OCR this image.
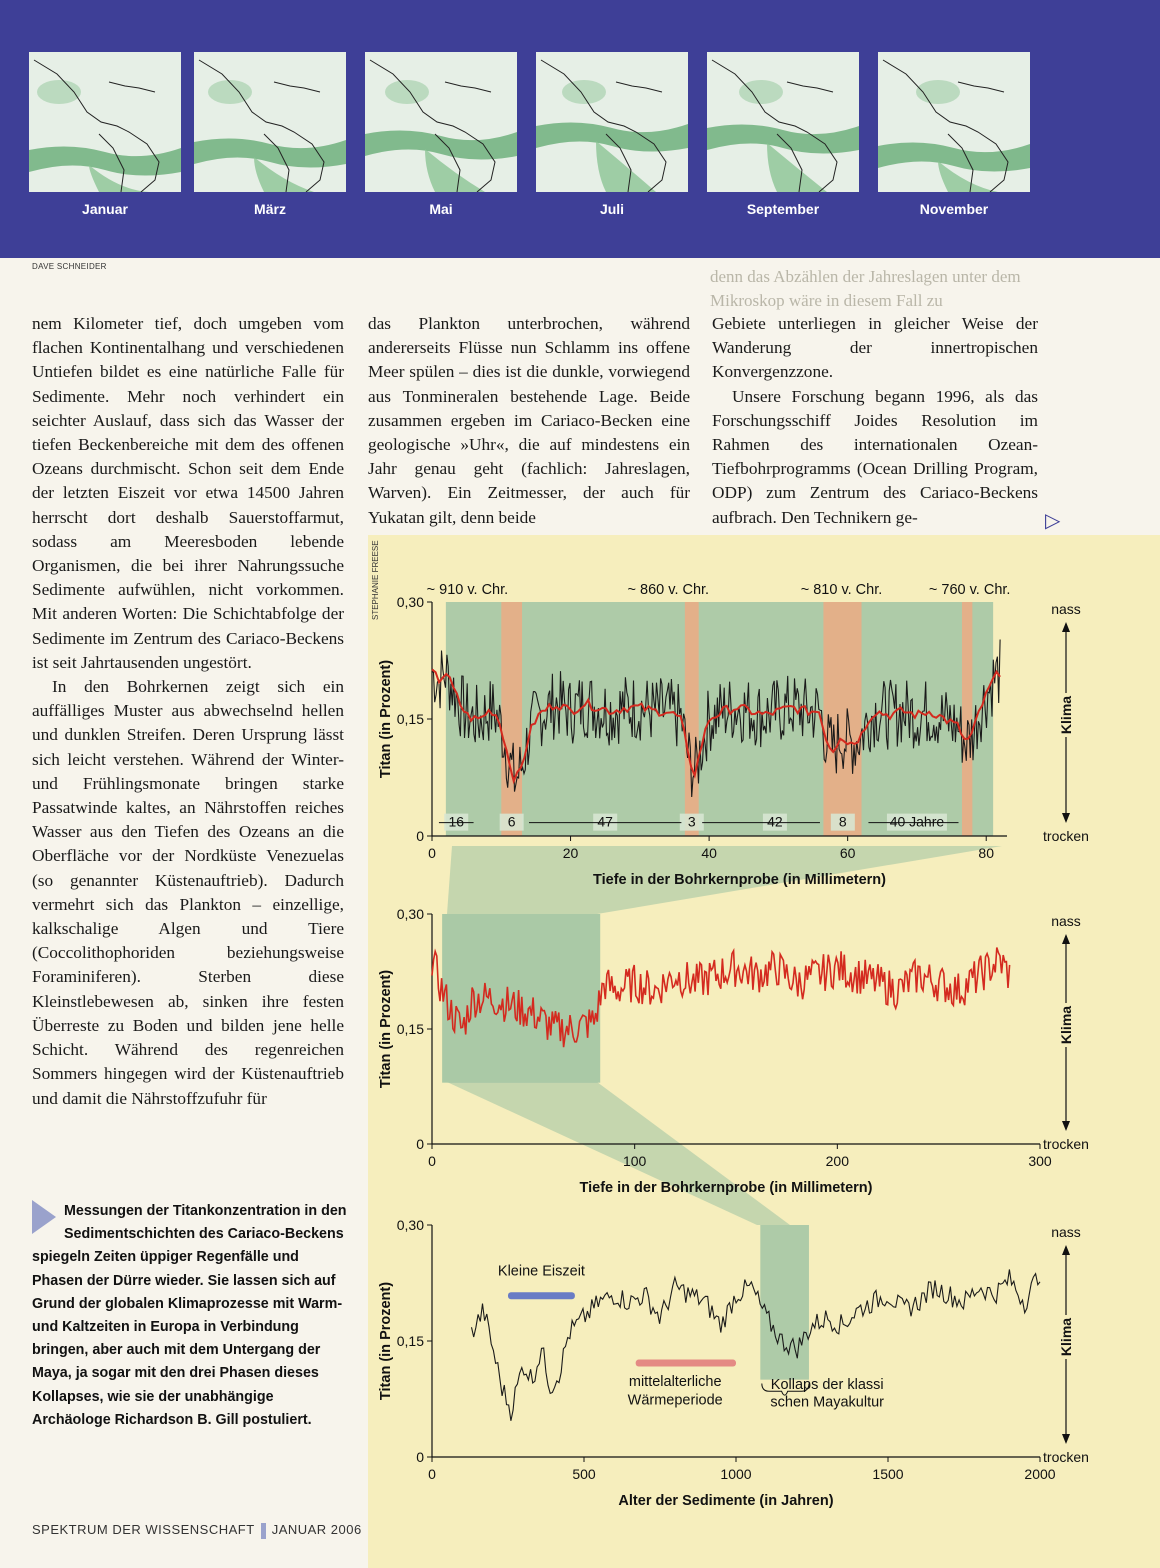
Januar	März	Mai	Juli	September	November
DAVE SCHNEIDER
denn das Abzählen der Jahreslagen unter dem Mikroskop wäre in diesem Fall zu

nem Kilometer tief, doch umgeben vom flachen Kontinentalhang und verschiedenen Untiefen bildet es eine natürliche Falle für Sedimente. Mehr noch verhindert ein seichter Auslauf, dass sich das Wasser der tiefen Beckenbereiche mit dem des offenen Ozeans durchmischt. Schon seit dem Ende der letzten Eiszeit vor etwa 14500 Jahren herrscht dort deshalb Sauerstoffarmut, sodass am Meeresboden lebende Organismen, die bei ihrer Nahrungssuche Sedimente aufwühlen, nicht vorkommen. Mit anderen Worten: Die Schichtabfolge der Sedimente im Zentrum des Cariaco-Beckens ist seit Jahrtausenden ungestört.

In den Bohrkernen zeigt sich ein auffälliges Muster aus abwechselnd hellen und dunklen Streifen. Deren Ursprung lässt sich leicht verstehen. Während der Winter- und Frühlingsmonate bringen starke Passatwinde kaltes, an Nährstoffen reiches Wasser aus den Tiefen des Ozeans an die Oberfläche vor der Nordküste Venezuelas (so genannter Küstenauftrieb). Dadurch vermehrt sich das Plankton – einzellige, kalkschalige Algen und Tiere (Coccolithophoriden beziehungsweise Foraminiferen). Sterben diese Kleinstlebewesen ab, sinken ihre festen Überreste zu Boden und bilden jene helle Schicht. Während des regenreichen Sommers hingegen wird der Küstenauftrieb und damit die Nährstoffzufuhr für

das Plankton unterbrochen, während andererseits Flüsse nun Schlamm ins offene Meer spülen – dies ist die dunkle, vorwiegend aus Tonmineralen bestehende Lage. Beide zusammen ergeben im Cariaco-Becken eine geologische »Uhr«, die auf mindestens ein Jahr genau geht (fachlich: Jahreslagen, Warven). Ein Zeitmesser, der auch für Yukatan gilt, denn beide

Gebiete unterliegen in gleicher Weise der Wanderung der innertropischen Konvergenzzone.

Unsere Forschung begann 1996, als das Forschungsschiff Joides Resolution im Rahmen des internationalen Ozean-Tiefbohrprogramms (Ocean Drilling Program, ODP) zum Zentrum des Cariaco-Beckens aufbrach. Den Technikern ge-	▷
0
0,15
0,30
0	20	40	60	80
Tiefe in der Bohrkernprobe (in Millimetern)
Titan (in Prozent)
nass
trocken
Klima
~ 910 v. Chr.	~ 860 v. Chr.	~ 810 v. Chr.	~ 760 v. Chr.
16	6	47	3	42	8	40 Jahre
0
0,15
0,30
0	100	200	300
Tiefe in der Bohrkernprobe (in Millimetern)
Titan (in Prozent)
nass
trocken
Klima
0
0,15
0,30
0	500	1000	1500	2000
Alter der Sedimente (in Jahren)
Titan (in Prozent)
nass
trocken
Klima
Kleine Eiszeit
mittelalterliche
Wärmeperiode
Kollaps der klassi
schen Mayakultur
STEPHANIE FREESE

Messungen der Titankonzentration in den Sedimentschichten des Cariaco-Beckens spiegeln Zeiten üppiger Regenfälle und Phasen der Dürre wieder. Sie lassen sich auf Grund der globalen Klimaprozesse mit Warm- und Kaltzeiten in Europa in Verbindung bringen, aber auch mit dem Untergang der Maya, ja sogar mit den drei Phasen dieses Kollapses, wie sie der unabhängige Archäologe Richardson B. Gill postuliert.

SPEKTRUM DER WISSENSCHAFT JANUAR 2006
